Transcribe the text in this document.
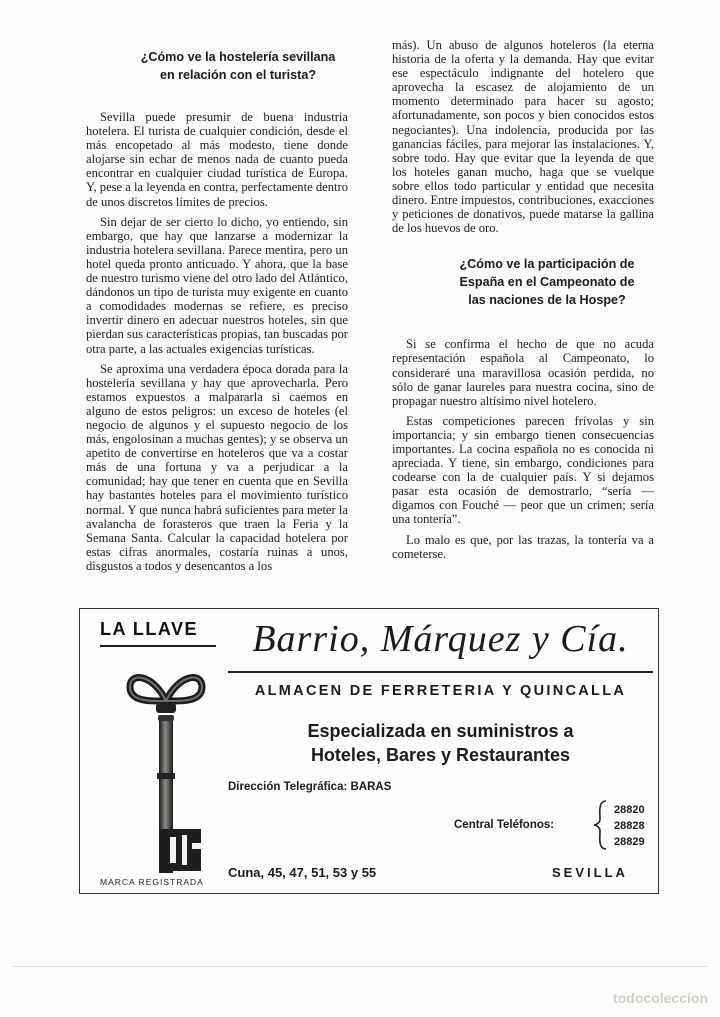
¿Cómo ve la hostelería sevillana
en relación con el turista?

Sevilla puede presumir de buena industria hotelera. El turista de cualquier condición, desde el más encopetado al más modesto, tiene donde alojarse sin echar de menos nada de cuanto pueda encontrar en cualquier ciudad turística de Europa. Y, pese a la leyenda en contra, perfectamente dentro de unos discretos límites de precios.

Sin dejar de ser cierto lo dicho, yo entiendo, sin embargo, que hay que lanzarse a modernizar la industria hotelera sevillana. Parece mentira, pero un hotel queda pronto anticuado. Y ahora, que la base de nuestro turismo viene del otro lado del Atlántico, dándonos un tipo de turista muy exigente en cuanto a comodidades modernas se refiere, es preciso invertir dinero en adecuar nuestros hoteles, sin que pierdan sus características propias, tan buscadas por otra parte, a las actuales exigencias turísticas.

Se aproxima una verdadera época dorada para la hostelería sevillana y hay que aprovecharla. Pero estamos expuestos a malpararla si caemos en alguno de estos peligros: un exceso de hoteles (el negocio de algunos y el supuesto negocio de los más, engolosinan a muchas gentes); y se observa un apetito de convertirse en hoteleros que va a costar más de una fortuna y va a perjudicar a la comunidad; hay que tener en cuenta que en Sevilla hay bastantes hoteles para el movimiento turístico normal. Y que nunca habrá suficientes para meter la avalancha de forasteros que traen la Feria y la Semana Santa. Calcular la capacidad hotelera por estas cifras anormales, costaría ruinas a unos, disgustos a todos y desencantos a los

más). Un abuso de algunos hoteleros (la eterna historia de la oferta y la demanda. Hay que evitar ese espectáculo indignante del hotelero que aprovecha la escasez de alojamiento de un momento determinado para hacer su agosto; afortunadamente, son pocos y bien conocidos estos negociantes). Una indolencia, producida por las ganancias fáciles, para mejorar las instalaciones. Y, sobre todo. Hay que evitar que la leyenda de que los hoteles ganan mucho, haga que se vuelque sobre ellos todo particular y entidad que necesita dinero. Entre impuestos, contribuciones, exacciones y peticiones de donativos, puede matarse la gallina de los huevos de oro.

¿Cómo ve la participación de
España en el Campeonato de
las naciones de la Hospe?

Si se confirma el hecho de que no acuda representación española al Campeonato, lo consideraré una maravillosa ocasión perdida, no sólo de ganar laureles para nuestra cocina, sino de propagar nuestro altísimo nivel hotelero.

Estas competiciones parecen frívolas y sin importancia; y sin embargo tienen consecuencias importantes. La cocina española no es conocida ni apreciada. Y tiene, sin embargo, condiciones para codearse con la de cualquier país. Y si dejamos pasar esta ocasión de demostrarlo, “sería — digamos con Fouché — peor que un crimen; sería una tontería”.

Lo malo es que, por las trazas, la tontería va a cometerse.

LA LLAVE
MARCA REGISTRADA
Barrio, Márquez y Cía.
ALMACEN DE FERRETERIA Y QUINCALLA
Especializada en suministros a
Hoteles, Bares y Restaurantes
Dirección Telegráfica: BARAS
Central Teléfonos:
28820
28828
28829
Cuna, 45, 47, 51, 53 y 55	SEVILLA
todocoleccion
